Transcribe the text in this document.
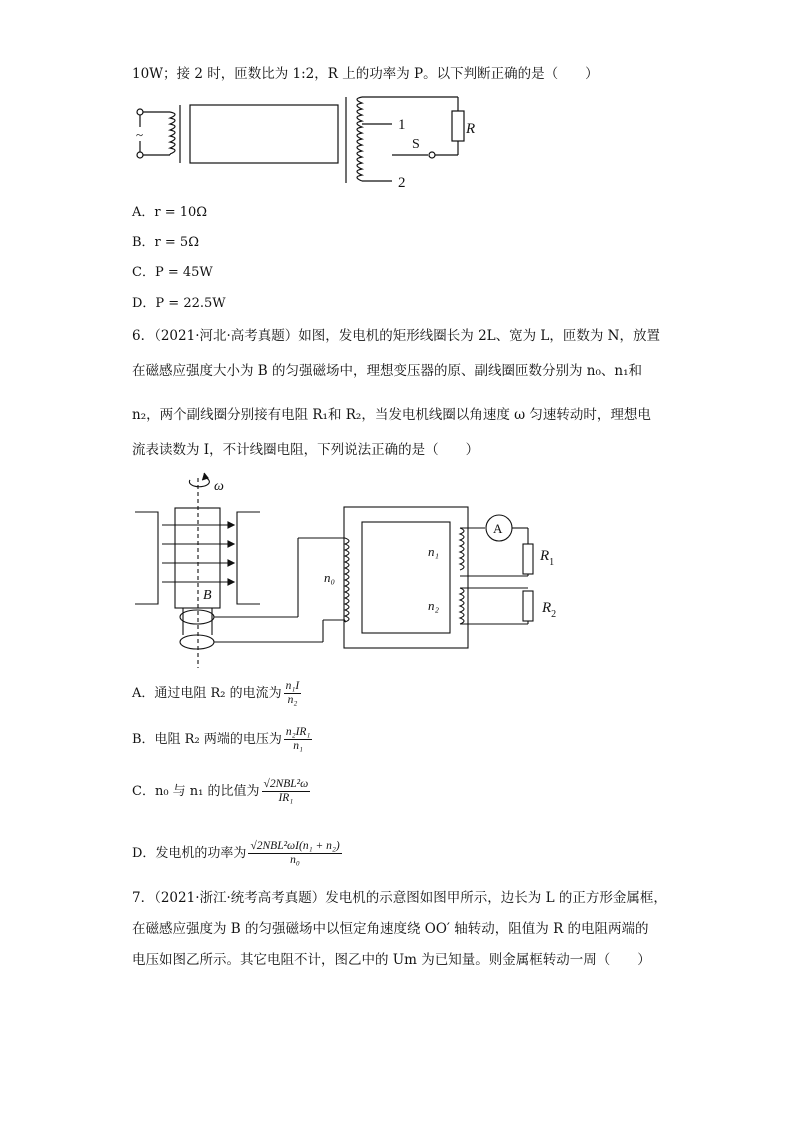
10W；接 2 时，匝数比为 1:2，R 上的功率为 P。以下判断正确的是（　　）
~
1
2
S
R
A．r = 10Ω
B．r = 5Ω
C．P = 45W
D．P = 22.5W
6．（2021·河北·高考真题）如图，发电机的矩形线圈长为 2L、宽为 L，匝数为 N，放置
在磁感应强度大小为 B 的匀强磁场中，理想变压器的原、副线圈匝数分别为 n₀、n₁和
n₂，两个副线圈分别接有电阻 R₁和 R₂，当发电机线圈以角速度 ω 匀速转动时，理想电
流表读数为 I，不计线圈电阻，下列说法正确的是（　　）
ω
B
n₀
n₁
n₂
A
$R_1$
$R_2$
A．通过电阻 R₂ 的电流为 $\frac{\text{n₁I}}{\text{n₂}}$
B．电阻 R₂ 两端的电压为 $\frac{\text{n₂IR₁}}{\text{n₁}}$
C．n₀ 与 n₁ 的比值为 $\frac{\text{√2NBL²ω}}{\text{IR₁}}$
D．发电机的功率为 $\frac{\text{√2NBL²ωI(n₁ + n₂)}}{\text{n₀}}$
7．（2021·浙江·统考高考真题）发电机的示意图如图甲所示，边长为 L 的正方形金属框，
在磁感应强度为 B 的匀强磁场中以恒定角速度绕 OO′ 轴转动，阻值为 R 的电阻两端的
电压如图乙所示。其它电阻不计，图乙中的 Um 为已知量。则金属框转动一周（　　）
